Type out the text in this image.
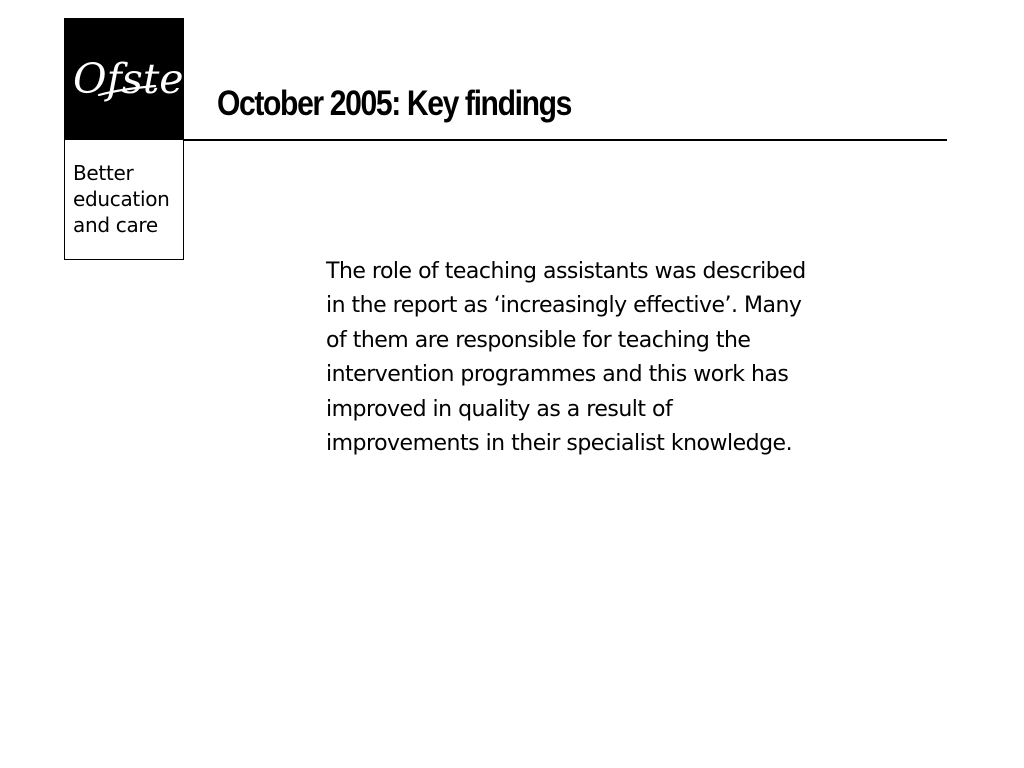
Ofsted
Better
education
and care
October 2005: Key findings
The role of teaching assistants was described
in the report as ‘increasingly effective’. Many
of them are responsible for teaching the
intervention programmes and this work has
improved in quality as a result of
improvements in their specialist knowledge.
